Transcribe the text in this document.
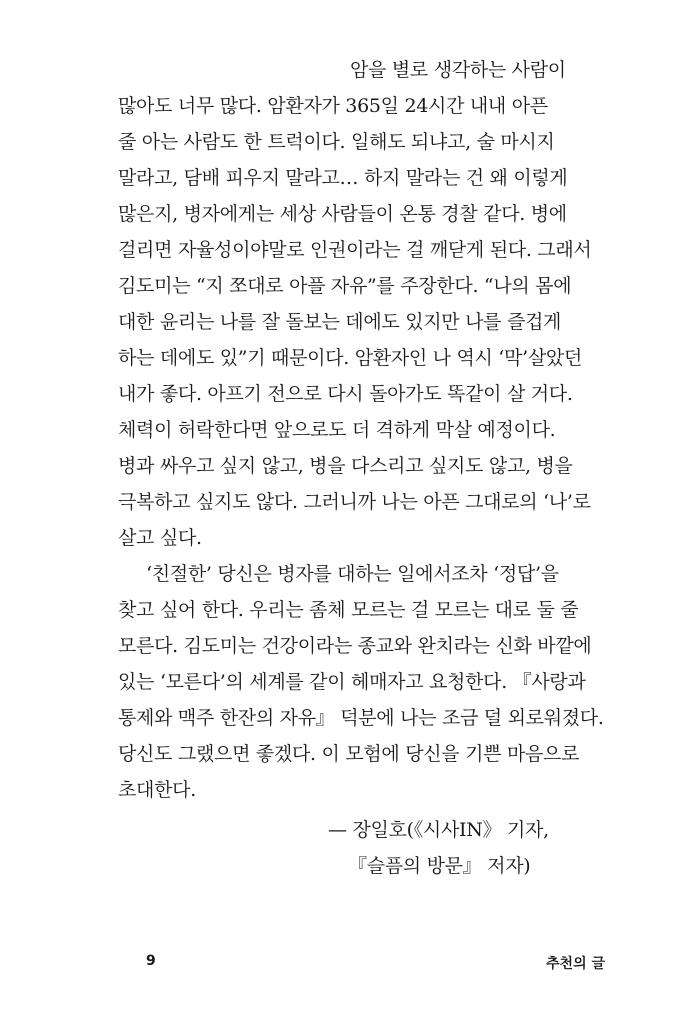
암을 별로 생각하는 사람이
많아도 너무 많다. 암환자가 365일 24시간 내내 아픈
줄 아는 사람도 한 트럭이다. 일해도 되냐고, 술 마시지
말라고, 담배 피우지 말라고… 하지 말라는 건 왜 이렇게
많은지, 병자에게는 세상 사람들이 온통 경찰 같다. 병에
걸리면 자율성이야말로 인권이라는 걸 깨닫게 된다. 그래서
김도미는 “지 쪼대로 아플 자유”를 주장한다. “나의 몸에
대한 윤리는 나를 잘 돌보는 데에도 있지만 나를 즐겁게
하는 데에도 있”기 때문이다. 암환자인 나 역시 ‘막’살았던
내가 좋다. 아프기 전으로 다시 돌아가도 똑같이 살 거다.
체력이 허락한다면 앞으로도 더 격하게 막살 예정이다.
병과 싸우고 싶지 않고, 병을 다스리고 싶지도 않고, 병을
극복하고 싶지도 않다. 그러니까 나는 아픈 그대로의 ‘나’로
살고 싶다.
‘친절한’ 당신은 병자를 대하는 일에서조차 ‘정답’을
찾고 싶어 한다. 우리는 좀체 모르는 걸 모르는 대로 둘 줄
모른다. 김도미는 건강이라는 종교와 완치라는 신화 바깥에
있는 ‘모른다’의 세계를 같이 헤매자고 요청한다. 『사랑과
통제와 맥주 한잔의 자유』 덕분에 나는 조금 덜 외로워졌다.
당신도 그랬으면 좋겠다. 이 모험에 당신을 기쁜 마음으로
초대한다.
— 장일호(《시사IN》 기자,
『슬픔의 방문』 저자)
9	추천의 글
